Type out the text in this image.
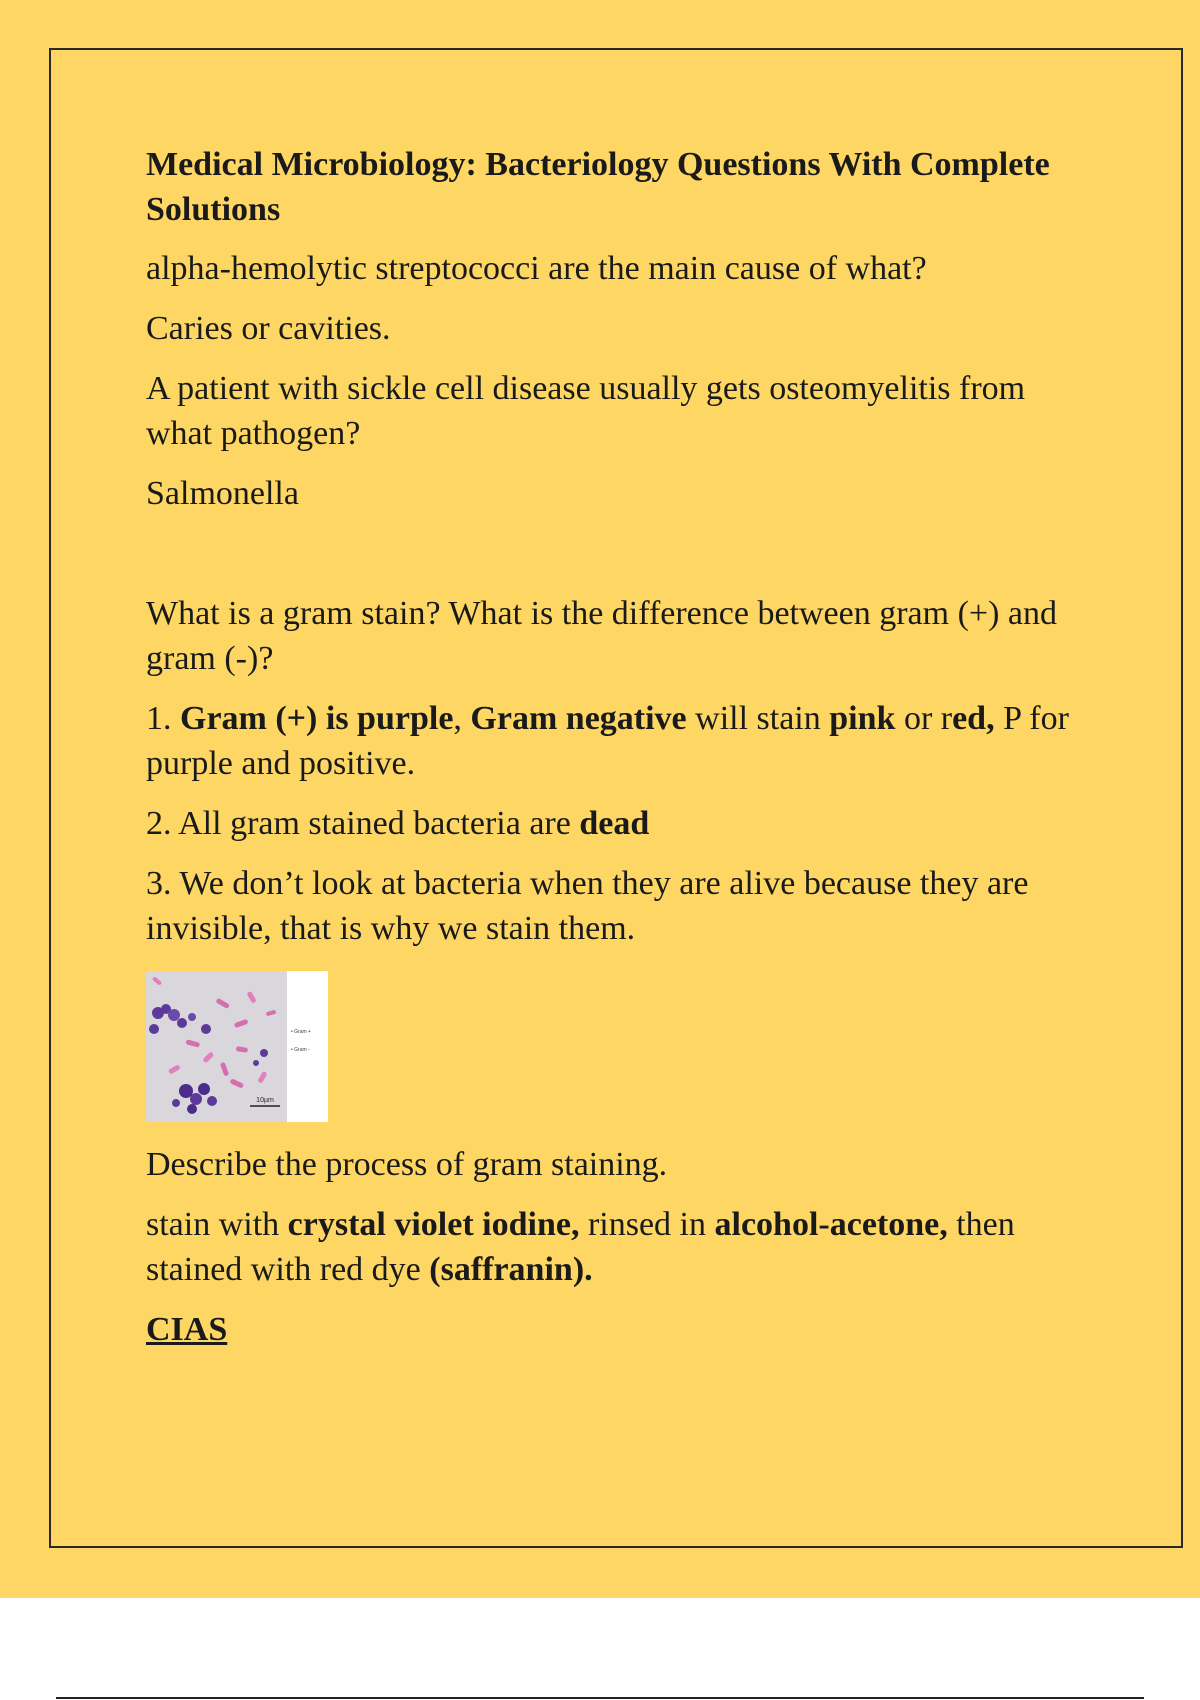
Medical Microbiology: Bacteriology Questions With Complete Solutions
alpha-hemolytic streptococci are the main cause of what?
Caries or cavities.
A patient with sickle cell disease usually gets osteomyelitis from what pathogen?
Salmonella
What is a gram stain? What is the difference between gram (+) and gram (-)?
1. Gram (+) is purple, Gram negative will stain pink or red, P for purple and positive.
2. All gram stained bacteria are dead
3. We don’t look at bacteria when they are alive because they are invisible, that is why we stain them.
10µm
• Gram +
• Gram -
Describe the process of gram staining.
stain with crystal violet iodine, rinsed in alcohol-acetone, then stained with red dye (saffranin).
CIAS
